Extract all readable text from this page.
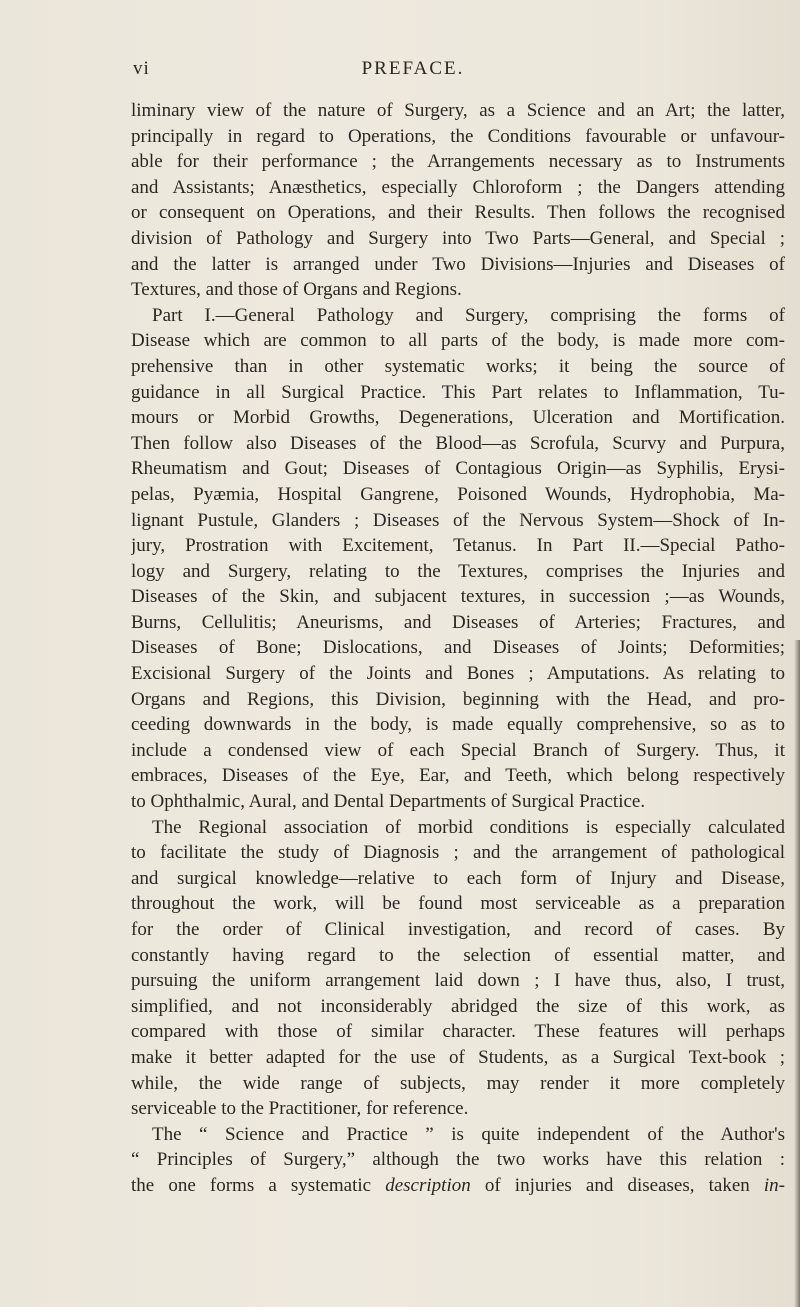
vi	PREFACE.
liminary view of the nature of Surgery, as a Science and an Art; the latter,
principally in regard to Operations, the Conditions favourable or unfavour-
able for their performance ; the Arrangements necessary as to Instruments
and Assistants; Anæsthetics, especially Chloroform ; the Dangers attending
or consequent on Operations, and their Results. Then follows the recognised
division of Pathology and Surgery into Two Parts—General, and Special ;
and the latter is arranged under Two Divisions—Injuries and Diseases of
Textures, and those of Organs and Regions.
Part I.—General Pathology and Surgery, comprising the forms of
Disease which are common to all parts of the body, is made more com-
prehensive than in other systematic works; it being the source of
guidance in all Surgical Practice. This Part relates to Inflammation, Tu-
mours or Morbid Growths, Degenerations, Ulceration and Mortification.
Then follow also Diseases of the Blood—as Scrofula, Scurvy and Purpura,
Rheumatism and Gout; Diseases of Contagious Origin—as Syphilis, Erysi-
pelas, Pyæmia, Hospital Gangrene, Poisoned Wounds, Hydrophobia, Ma-
lignant Pustule, Glanders ; Diseases of the Nervous System—Shock of In-
jury, Prostration with Excitement, Tetanus. In Part II.—Special Patho-
logy and Surgery, relating to the Textures, comprises the Injuries and
Diseases of the Skin, and subjacent textures, in succession ;—as Wounds,
Burns, Cellulitis; Aneurisms, and Diseases of Arteries; Fractures, and
Diseases of Bone; Dislocations, and Diseases of Joints; Deformities;
Excisional Surgery of the Joints and Bones ; Amputations. As relating to
Organs and Regions, this Division, beginning with the Head, and pro-
ceeding downwards in the body, is made equally comprehensive, so as to
include a condensed view of each Special Branch of Surgery. Thus, it
embraces, Diseases of the Eye, Ear, and Teeth, which belong respectively
to Ophthalmic, Aural, and Dental Departments of Surgical Practice.
The Regional association of morbid conditions is especially calculated
to facilitate the study of Diagnosis ; and the arrangement of pathological
and surgical knowledge—relative to each form of Injury and Disease,
throughout the work, will be found most serviceable as a preparation
for the order of Clinical investigation, and record of cases. By
constantly having regard to the selection of essential matter, and
pursuing the uniform arrangement laid down ; I have thus, also, I trust,
simplified, and not inconsiderably abridged the size of this work, as
compared with those of similar character. These features will perhaps
make it better adapted for the use of Students, as a Surgical Text-book ;
while, the wide range of subjects, may render it more completely
serviceable to the Practitioner, for reference.
The “ Science and Practice ” is quite independent of the Author's
“ Principles of Surgery,” although the two works have this relation :
the one forms a systematic description of injuries and diseases, taken in-
